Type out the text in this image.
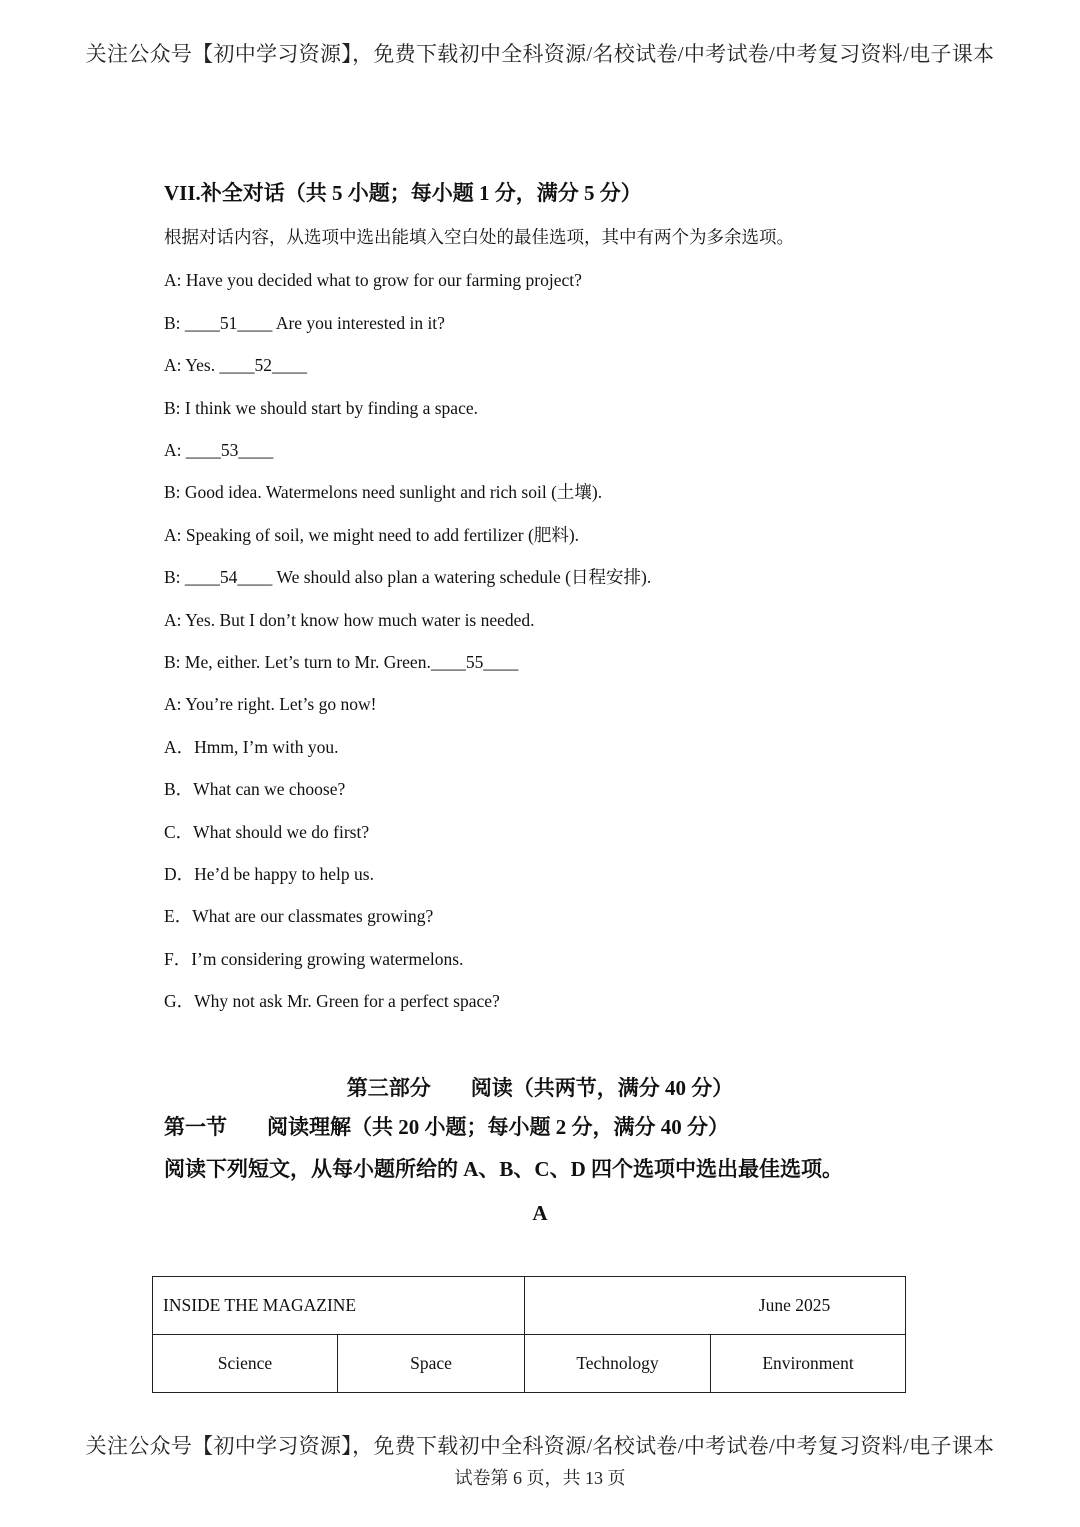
关注公众号【初中学习资源】，免费下载初中全科资源/名校试卷/中考试卷/中考复习资料/电子课本
VII.补全对话（共 5 小题；每小题 1 分，满分 5 分）
根据对话内容，从选项中选出能填入空白处的最佳选项，其中有两个为多余选项。
A: Have you decided what to grow for our farming project?
B: ____51____ Are you interested in it?
A: Yes. ____52____
B: I think we should start by finding a space.
A: ____53____
B: Good idea. Watermelons need sunlight and rich soil (土壤).
A: Speaking of soil, we might need to add fertilizer (肥料).
B: ____54____ We should also plan a watering schedule (日程安排).
A: Yes. But I don’t know how much water is needed.
B: Me, either. Let’s turn to Mr. Green.____55____
A: You’re right. Let’s go now!
A．Hmm, I’m with you.
B．What can we choose?
C．What should we do first?
D．He’d be happy to help us.
E．What are our classmates growing?
F．I’m considering growing watermelons.
G．Why not ask Mr. Green for a perfect space?
第三部分 阅读（共两节，满分 40 分）
第一节 阅读理解（共 20 小题；每小题 2 分，满分 40 分）
阅读下列短文，从每小题所给的 A、B、C、D 四个选项中选出最佳选项。
A
INSIDE THE MAGAZINE		June 2025	
Science	Space	Technology	Environment
关注公众号【初中学习资源】，免费下载初中全科资源/名校试卷/中考试卷/中考复习资料/电子课本
试卷第 6 页，共 13 页
